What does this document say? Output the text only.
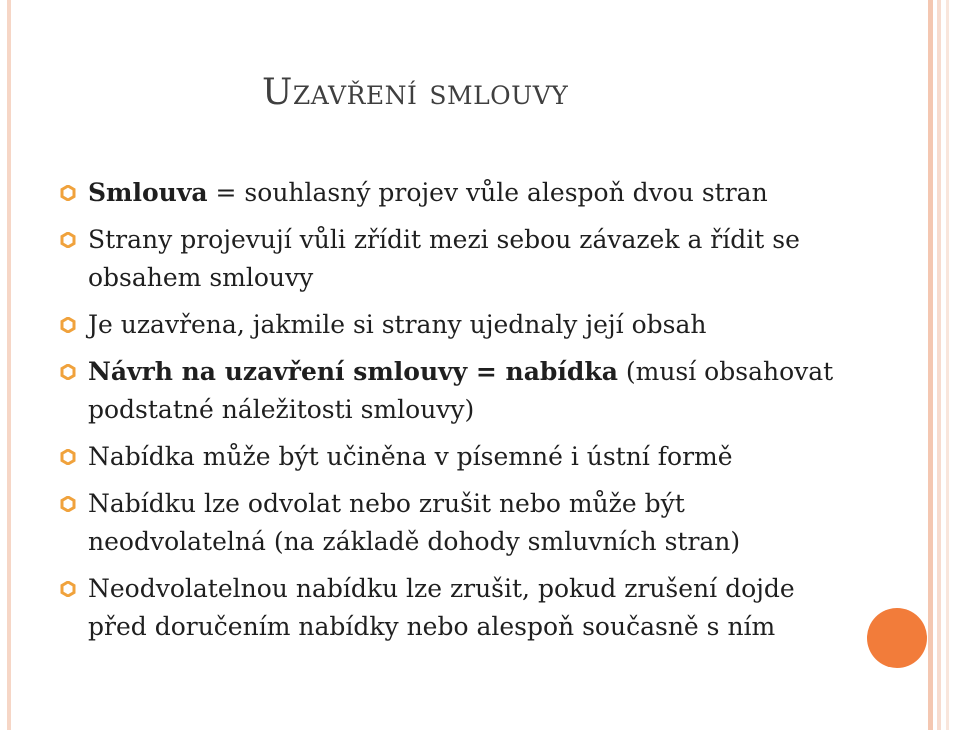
Uzavření smlouvy
Smlouva = souhlasný projev vůle alespoň dvou stran
Strany projevují vůli zřídit mezi sebou závazek a řídit se obsahem smlouvy
Je uzavřena, jakmile si strany ujednaly její obsah
Návrh na uzavření smlouvy = nabídka (musí obsahovat podstatné náležitosti smlouvy)
Nabídka může být učiněna v písemné i ústní formě
Nabídku lze odvolat nebo zrušit nebo může být neodvolatelná (na základě dohody smluvních stran)
Neodvolatelnou nabídku lze zrušit, pokud zrušení dojde před doručením nabídky nebo alespoň současně s ním
